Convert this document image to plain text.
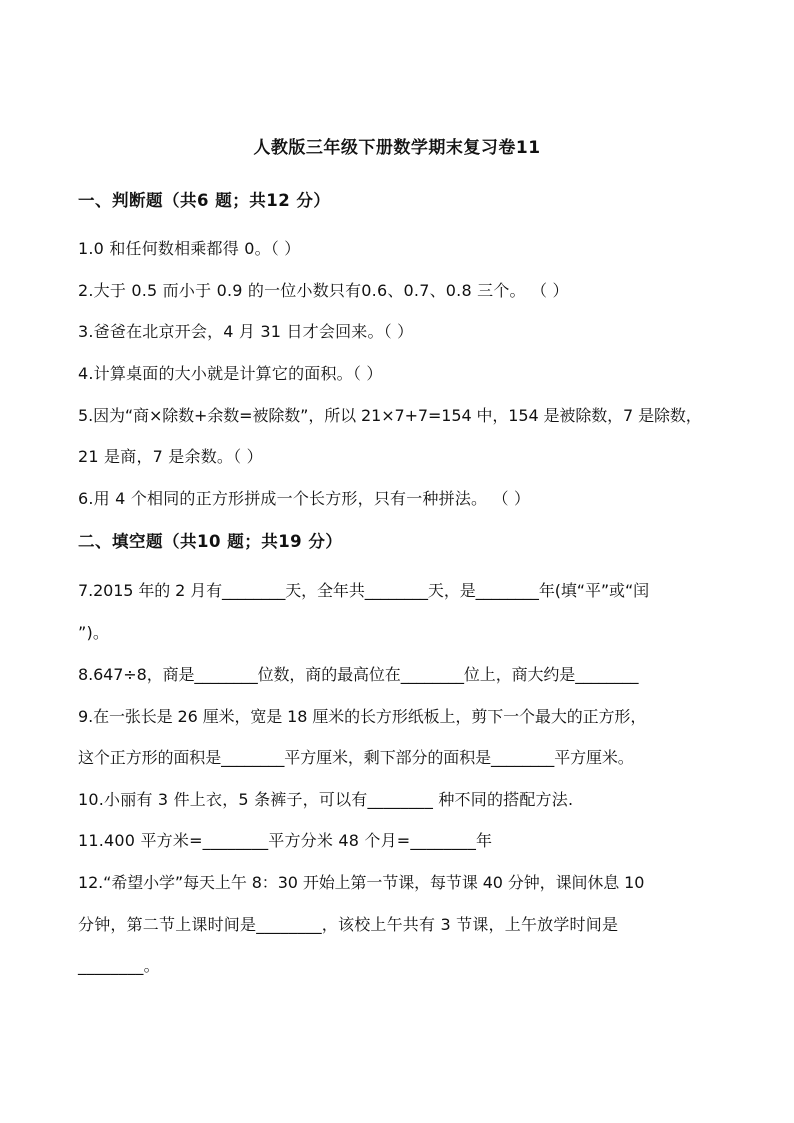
人教版三年级下册数学期末复习卷11
一、判断题（共6 题；共12 分）
1.0 和任何数相乘都得 0。（ ）
2.大于 0.5 而小于 0.9 的一位小数只有0.6、0.7、0.8 三个。 （ ）
3.爸爸在北京开会，4 月 31 日才会回来。（ ）
4.计算桌面的大小就是计算它的面积。（ ）
5.因为“商×除数+余数=被除数”，所以 21×7+7=154 中，154 是被除数，7 是除数，
21 是商，7 是余数。（ ）
6.用 4 个相同的正方形拼成一个长方形，只有一种拼法。 （ ）
二、填空题（共10 题；共19 分）
7.2015 年的 2 月有________天，全年共________天，是________年(填“平”或“闰
”)。
8.647÷8，商是________位数，商的最高位在________位上，商大约是________
9.在一张长是 26 厘米，宽是 18 厘米的长方形纸板上，剪下一个最大的正方形，
这个正方形的面积是________平方厘米，剩下部分的面积是________平方厘米。
10.小丽有 3 件上衣，5 条裤子，可以有________ 种不同的搭配方法.
11.400 平方米=________平方分米 48 个月=________年
12.“希望小学”每天上午 8：30 开始上第一节课，每节课 40 分钟，课间休息 10
分钟，第二节上课时间是________，该校上午共有 3 节课，上午放学时间是
________。
